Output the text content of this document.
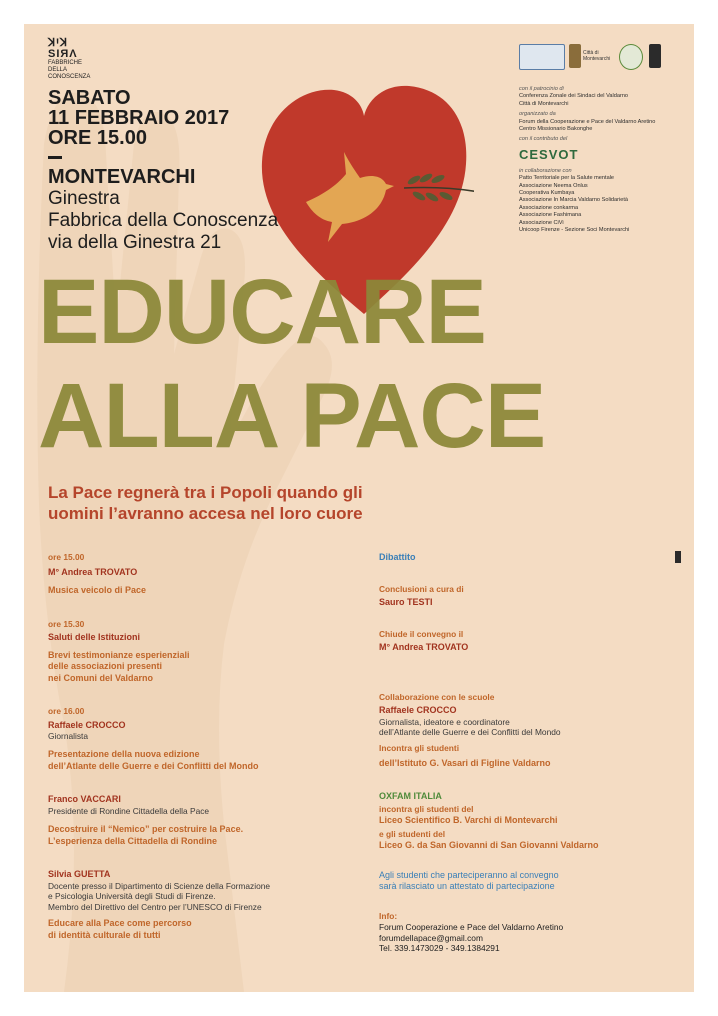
ꓘꞋꓘ SIЯΛ
FABBRICHE
DELLA
CONOSCENZA
SABATO
11 FEBBRAIO 2017
ORE 15.00
MONTEVARCHI
Ginestra
Fabbrica della Conoscenza
via della Ginestra 21
EDUCARE
ALLA PACE
La Pace regnerà tra i Popoli quando gli
uomini l’avranno accesa nel loro cuore
Città di Montevarchi
con il patrocinio di
Conferenza Zonale dei Sindaci del Valdarno
Città di Montevarchi
organizzato da
Forum della Cooperazione e Pace del Valdarno Aretino
Centro Missionario Bakonghe
con il contributo del
CESVOT
in collaborazione con
Patto Territoriale per la Salute mentale
Associazione Neema Onlus
Cooperativa Kumbaya
Associazione In Marcia Valdarno Solidarietà
Associazione conkarma
Associazione Fashimana
Associazione CiVi
Unicoop Firenze - Sezione Soci Montevarchi
ore 15.00
M° Andrea TROVATO
Musica veicolo di Pace
ore 15.30
Saluti delle Istituzioni
Brevi testimonianze esperienziali
delle associazioni presenti
nei Comuni del Valdarno
ore 16.00
Raffaele CROCCO
Giornalista
Presentazione della nuova edizione
dell’Atlante delle Guerre e dei Conflitti del Mondo
Franco VACCARI
Presidente di Rondine Cittadella della Pace
Decostruire il “Nemico” per costruire la Pace.
L’esperienza della Cittadella di Rondine
Silvia GUETTA
Docente presso il Dipartimento di Scienze della Formazione
e Psicologia Università degli Studi di Firenze.
Membro del Direttivo del Centro per l’UNESCO di Firenze
Educare alla Pace come percorso
di identità culturale di tutti
Dibattito
Conclusioni a cura di
Sauro TESTI
Chiude il convegno il
M° Andrea TROVATO
Collaborazione con le scuole
Raffaele CROCCO
Giornalista, ideatore e coordinatore
dell’Atlante delle Guerre e dei Conflitti del Mondo
Incontra gli studenti
dell’Istituto G. Vasari di Figline Valdarno
OXFAM ITALIA
incontra gli studenti del
Liceo Scientifico B. Varchi di Montevarchi
e gli studenti del
Liceo G. da San Giovanni di San Giovanni Valdarno
Agli studenti che parteciperanno al convegno
sarà rilasciato un attestato di partecipazione
Info:
Forum Cooperazione e Pace del Valdarno Aretino
forumdellapace@gmail.com
Tel. 339.1473029 - 349.1384291
